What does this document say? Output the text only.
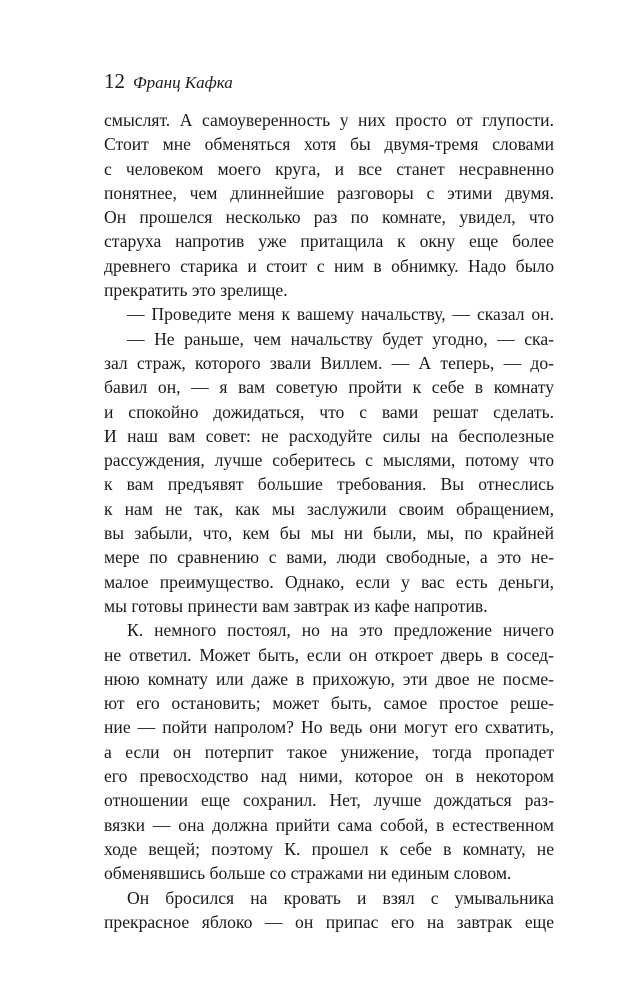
12 Франц Кафка
смыслят. А самоуверенность у них просто от глупости.
Стоит мне обменяться хотя бы двумя-тремя словами
с человеком моего круга, и все станет несравненно
понятнее, чем длиннейшие разговоры с этими двумя.
Он прошелся несколько раз по комнате, увидел, что
старуха напротив уже притащила к окну еще более
древнего старика и стоит с ним в обнимку. Надо было
прекратить это зрелище.
— Проведите меня к вашему начальству, — сказал он.
— Не раньше, чем начальству будет угодно, — ска-
зал страж, которого звали Виллем. — А теперь, — до-
бавил он, — я вам советую пройти к себе в комнату
и спокойно дожидаться, что с вами решат сделать.
И наш вам совет: не расходуйте силы на бесполезные
рассуждения, лучше соберитесь с мыслями, потому что
к вам предъявят большие требования. Вы отнеслись
к нам не так, как мы заслужили своим обращением,
вы забыли, что, кем бы мы ни были, мы, по крайней
мере по сравнению с вами, люди свободные, а это не-
малое преимущество. Однако, если у вас есть деньги,
мы готовы принести вам завтрак из кафе напротив.
К. немного постоял, но на это предложение ничего
не ответил. Может быть, если он откроет дверь в сосед-
нюю комнату или даже в прихожую, эти двое не посме-
ют его остановить; может быть, самое простое реше-
ние — пойти напролом? Но ведь они могут его схватить,
а если он потерпит такое унижение, тогда пропадет
его превосходство над ними, которое он в некотором
отношении еще сохранил. Нет, лучше дождаться раз-
вязки — она должна прийти сама собой, в естественном
ходе вещей; поэтому К. прошел к себе в комнату, не
обменявшись больше со стражами ни единым словом.
Он бросился на кровать и взял с умывальника
прекрасное яблоко — он припас его на завтрак еще
